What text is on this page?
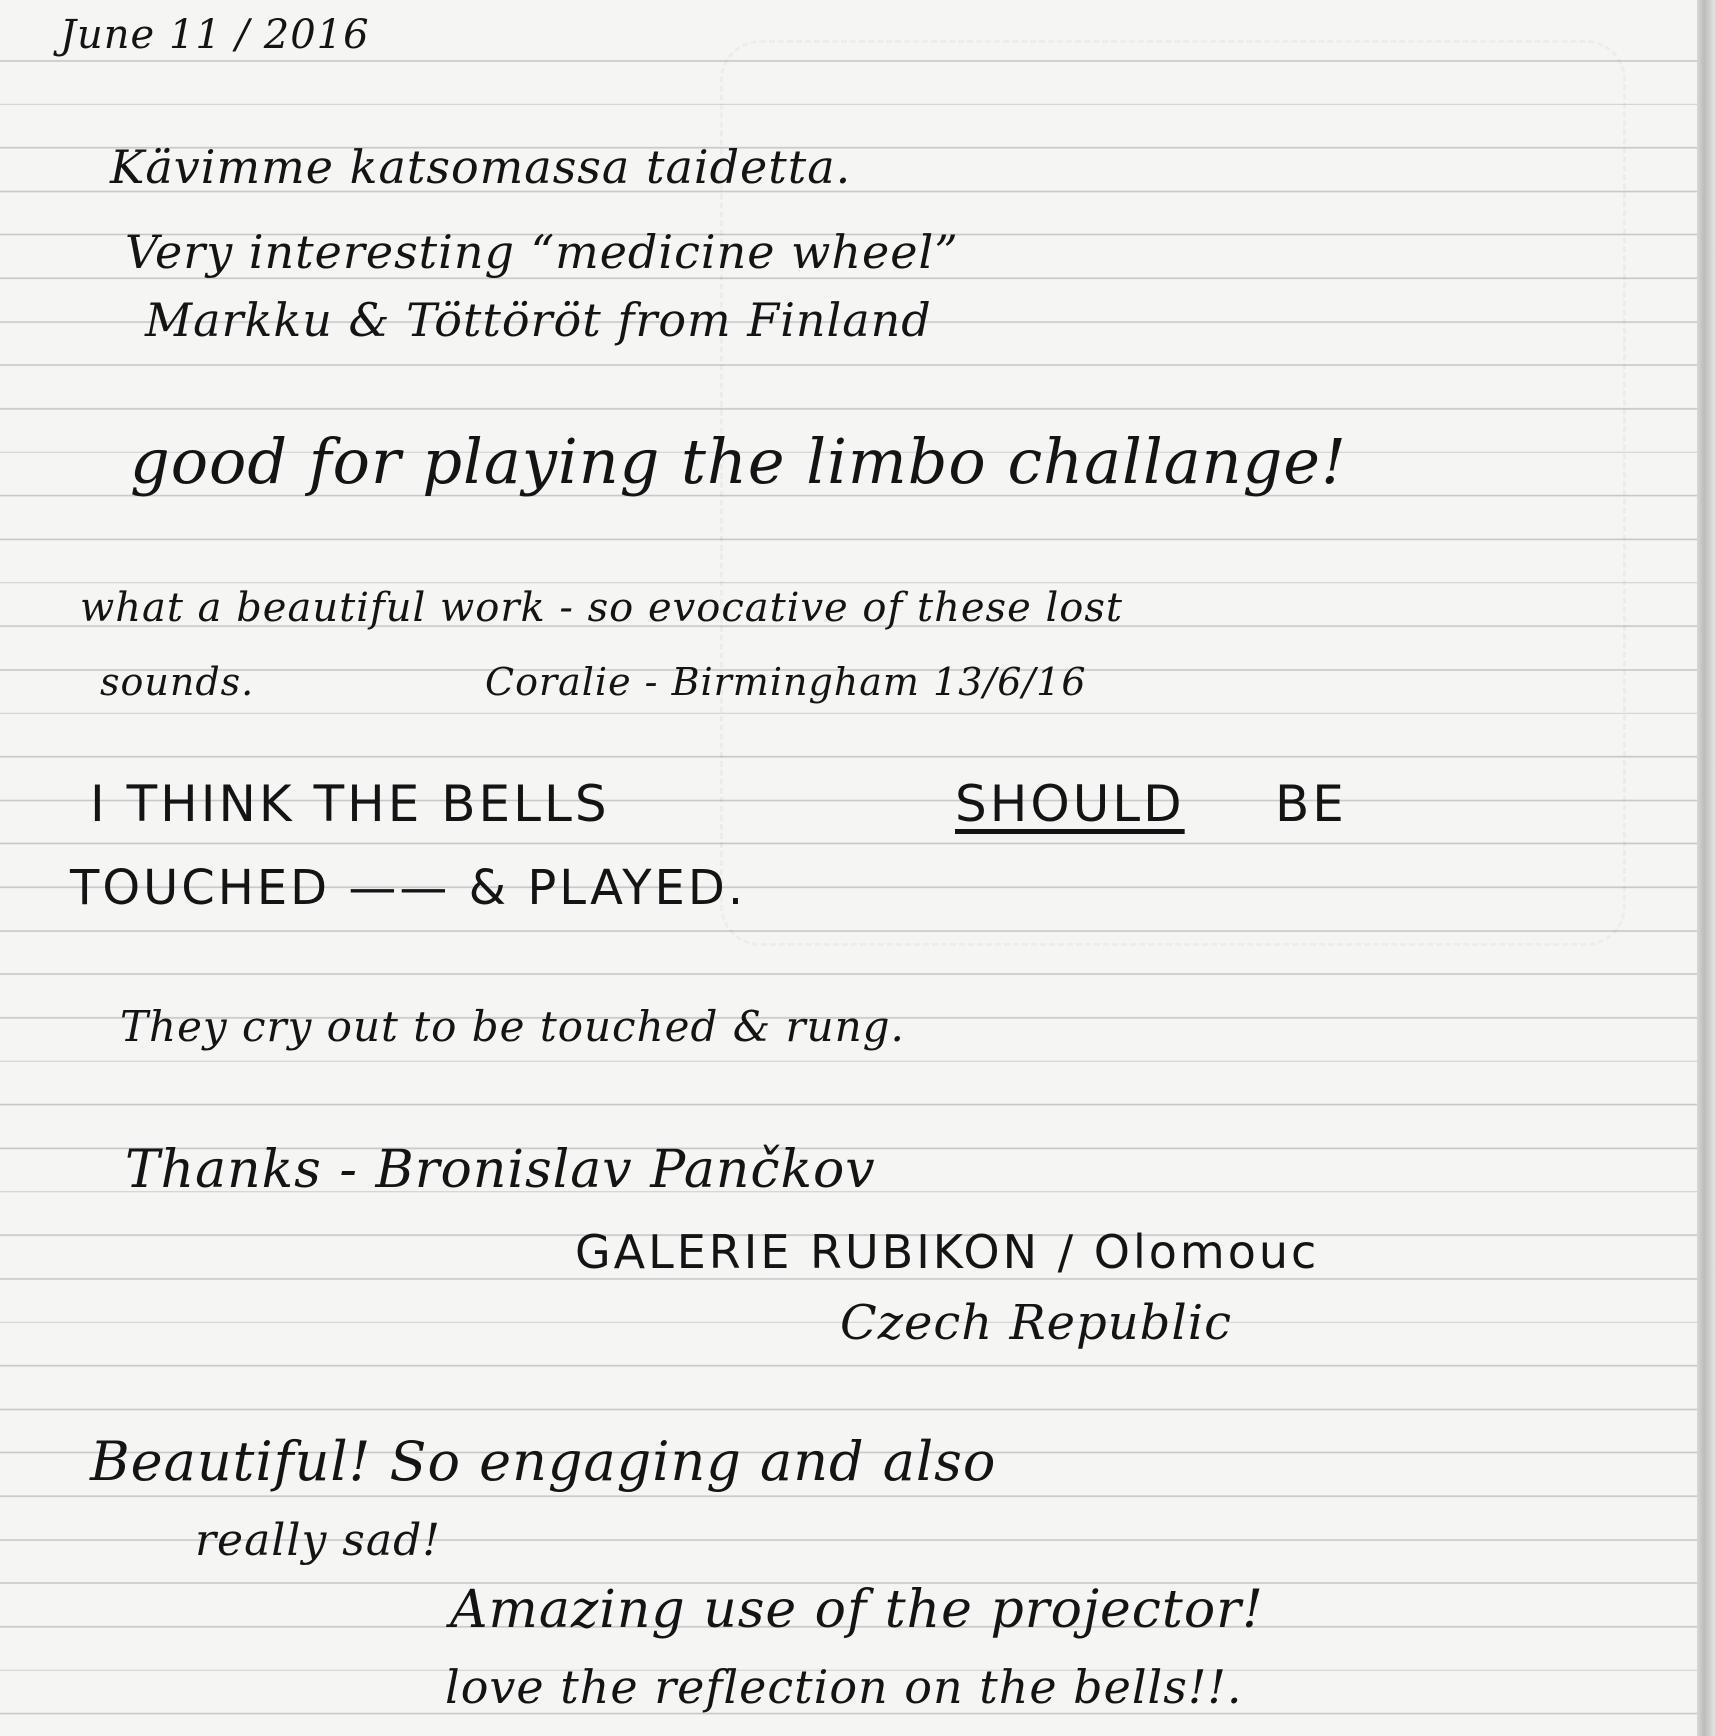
June 11 / 2016
Kävimme katsomassa taidetta.
Very interesting “medicine wheel”
Markku & Töttöröt from Finland
good for playing the limbo challange!
what a beautiful work - so evocative of these lost
sounds.	Coralie - Birmingham 13/6/16
I THINK THE BELLS	SHOULD BE
TOUCHED —— & PLAYED.
They cry out to be touched & rung.
Thanks - Bronislav Pančkov
GALERIE RUBIKON / Olomouc
Czech Republic
Beautiful! So engaging and also
really sad!
Amazing use of the projector!
love the reflection on the bells!!.
